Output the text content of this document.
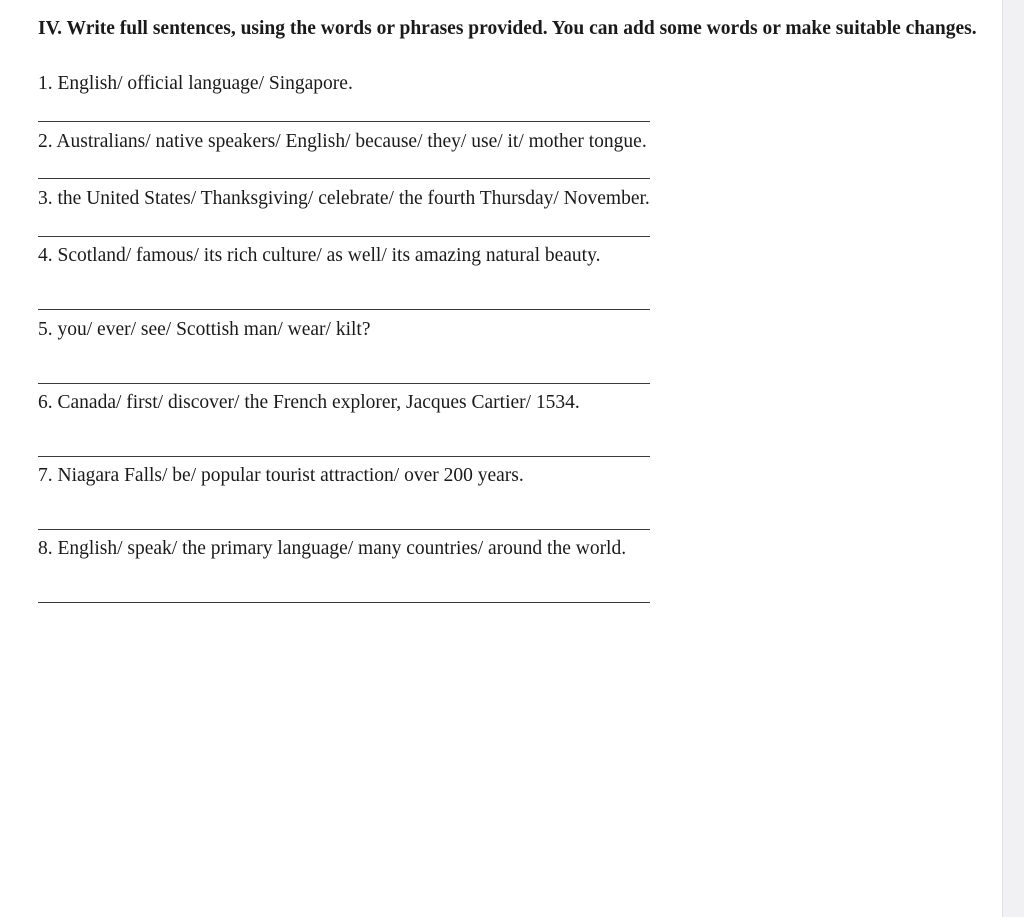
IV. Write full sentences, using the words or phrases provided. You can add some words or make suitable changes.

1. English/ official language/ Singapore.
2. Australians/ native speakers/ English/ because/ they/ use/ it/ mother tongue.
3. the United States/ Thanksgiving/ celebrate/ the fourth Thursday/ November.
4. Scotland/ famous/ its rich culture/ as well/ its amazing natural beauty.
5. you/ ever/ see/ Scottish man/ wear/ kilt?
6. Canada/ first/ discover/ the French explorer, Jacques Cartier/ 1534.
7. Niagara Falls/ be/ popular tourist attraction/ over 200 years.
8. English/ speak/ the primary language/ many countries/ around the world.
